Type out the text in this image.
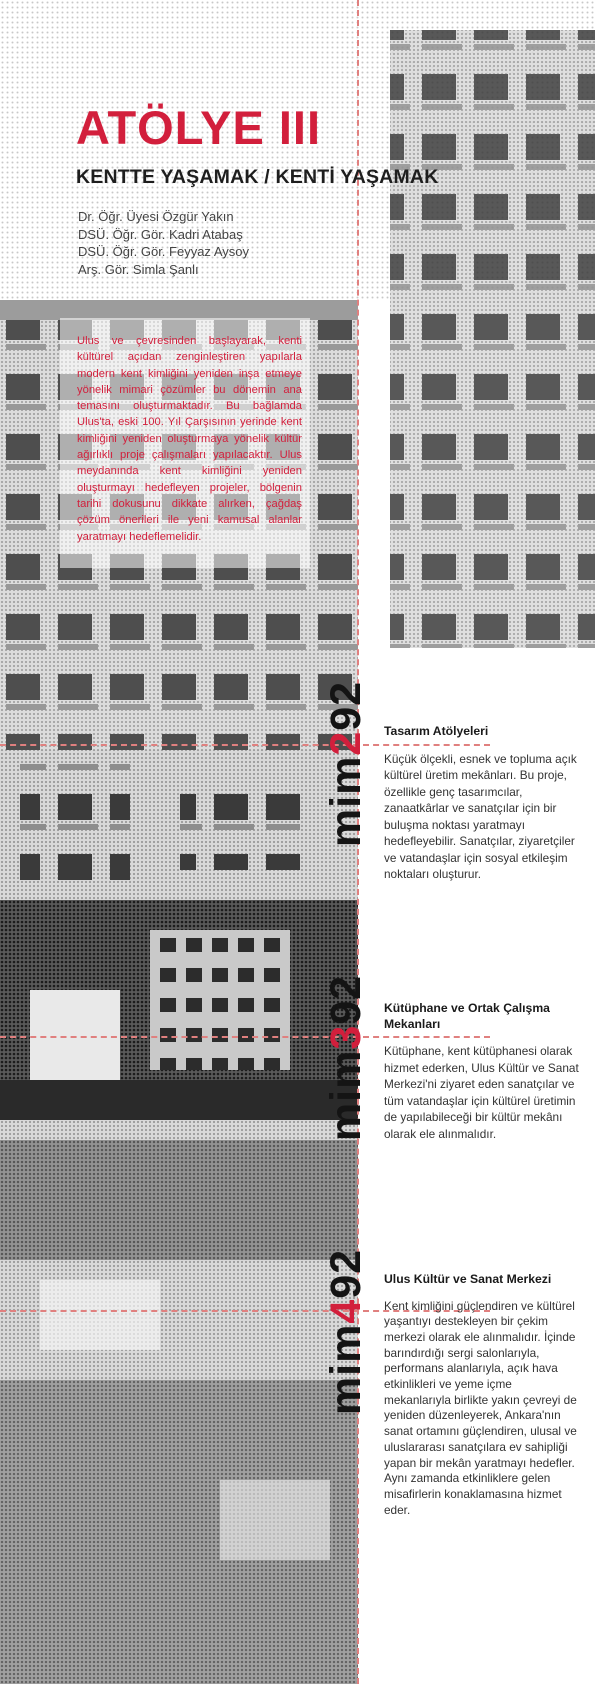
ATÖLYE III
KENTTE YAŞAMAK / KENTİ YAŞAMAK
Dr. Öğr. Üyesi Özgür Yakın
DSÜ. Öğr. Gör. Kadri Atabaş
DSÜ. Öğr. Gör. Feyyaz Aysoy
Arş. Gör. Simla Şanlı

Ulus ve çevresinden başlayarak, kenti kültürel açıdan zenginleştiren yapılarla modern kent kimliğini yeniden inşa etmeye yönelik mimari çözümler bu dönemin ana temasını oluşturmaktadır. Bu bağlamda Ulus'ta, eski 100. Yıl Çarşısının yerinde kent kimliğini yeniden oluşturmaya yönelik kültür ağırlıklı proje çalışmaları yapılacaktır. Ulus meydanında kent kimliğini yeniden oluşturmayı hedefleyen projeler, bölgenin tarihi dokusunu dikkate alırken, çağdaş çözüm önerileri ile yeni kamusal alanlar yaratmayı hedeflemelidir.

mim292
mim392
mim492
Tasarım Atölyeleri

Küçük ölçekli, esnek ve topluma açık kültürel üretim mekânları. Bu proje, özellikle genç tasarımcılar, zanaatkârlar ve sanatçılar için bir buluşma noktası yaratmayı hedefleyebilir. Sanatçılar, ziyaretçiler ve vatandaşlar için sosyal etkileşim noktaları oluşturur.

Kütüphane ve Ortak Çalışma Mekanları

Kütüphane, kent kütüphanesi olarak hizmet ederken, Ulus Kültür ve Sanat Merkezi'ni ziyaret eden sanatçılar ve tüm vatandaşlar için kültürel üretimin de yapılabileceği bir kültür mekânı olarak ele alınmalıdır.

Ulus Kültür ve Sanat Merkezi

Kent kimliğini güçlendiren ve kültürel yaşantıyı destekleyen bir çekim merkezi olarak ele alınmalıdır. İçinde barındırdığı sergi salonlarıyla, performans alanlarıyla, açık hava etkinlikleri ve yeme içme mekanlarıyla birlikte yakın çevreyi de yeniden düzenleyerek, Ankara'nın sanat ortamını güçlendiren, ulusal ve uluslararası sanatçılara ev sahipliği yapan bir mekân yaratmayı hedefler. Aynı zamanda etkinliklere gelen misafirlerin konaklamasına hizmet eder.
